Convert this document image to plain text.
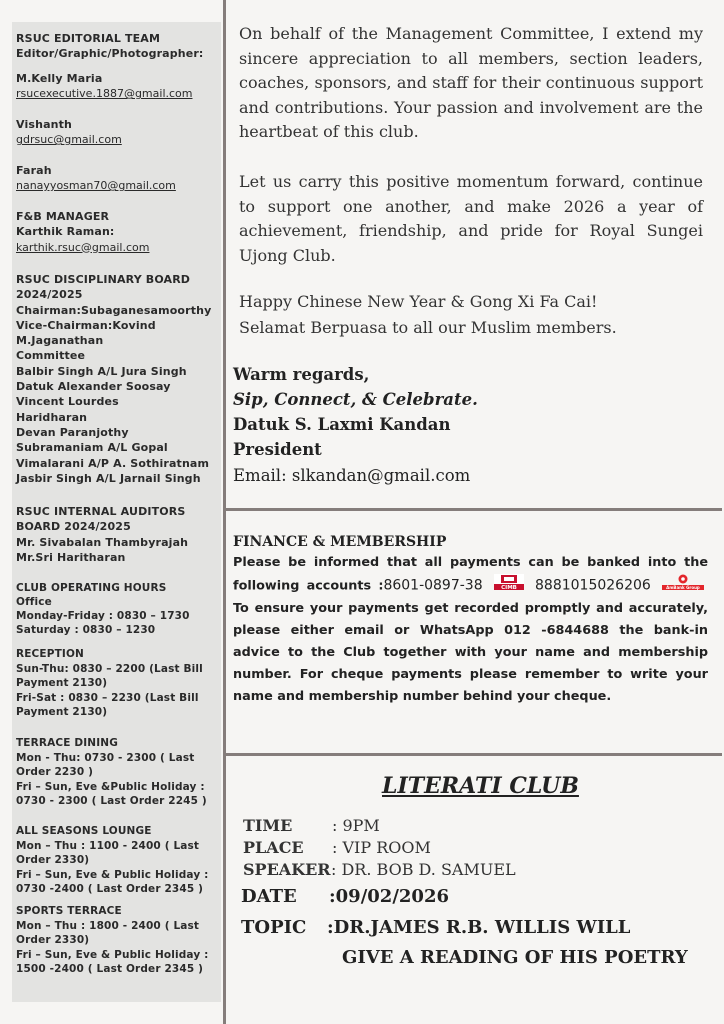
RSUC EDITORIAL TEAM
Editor/Graphic/Photographer:
M.Kelly Maria
rsucexecutive.1887@gmail.com
Vishanth
gdrsuc@gmail.com
Farah
nanayyosman70@gmail.com
F&B MANAGER
Karthik Raman:
karthik.rsuc@gmail.com
RSUC DISCIPLINARY BOARD
2024/2025
Chairman:Subaganesamoorthy
Vice-Chairman:Kovind
M.Jaganathan
Committee
Balbir Singh A/L Jura Singh
Datuk Alexander Soosay
Vincent Lourdes
Haridharan
Devan Paranjothy
Subramaniam A/L Gopal
Vimalarani A/P A. Sothiratnam
Jasbir Singh A/L Jarnail Singh
RSUC INTERNAL AUDITORS
BOARD 2024/2025
Mr. Sivabalan Thambyrajah
Mr.Sri Haritharan
CLUB OPERATING HOURS
Office
Monday-Friday : 0830 – 1730
Saturday : 0830 – 1230
RECEPTION
Sun-Thu: 0830 – 2200 (Last Bill Payment 2130)
Fri-Sat : 0830 – 2230 (Last Bill Payment 2130)
TERRACE DINING
Mon - Thu: 0730 - 2300 ( Last Order 2230 )
Fri – Sun, Eve &Public Holiday : 0730 - 2300 ( Last Order 2245 )
ALL SEASONS LOUNGE
Mon – Thu : 1100 - 2400 ( Last Order 2330)
Fri – Sun, Eve & Public Holiday : 0730 -2400 ( Last Order 2345 )
SPORTS TERRACE
Mon – Thu : 1800 - 2400 ( Last Order 2330)
Fri – Sun, Eve & Public Holiday : 1500 -2400 ( Last Order 2345 )
On behalf of the Management Committee, I extend my sincere appreciation to all members, section leaders, coaches, sponsors, and staff for their continuous support and contributions. Your passion and involvement are the heartbeat of this club.
Let us carry this positive momentum forward, continue to support one another, and make 2026 a year of achievement, friendship, and pride for Royal Sungei Ujong Club.
Happy Chinese New Year & Gong Xi Fa Cai!
Selamat Berpuasa to all our Muslim members.
Warm regards,
Sip, Connect, & Celebrate.
Datuk S. Laxmi Kandan
President
Email: slkandan@gmail.com
FINANCE & MEMBERSHIP
Please be informed that all payments can be banked into the following accounts :8601-0897-38	CIMB 8881015026206	AmBank Group
To ensure your payments get recorded promptly and accurately, please either email or WhatsApp 012 -6844688 the bank-in advice to the Club together with your name and membership number. For cheque payments please remember to write your name and membership number behind your cheque.
LITERATI CLUB
TIME : 9PM
PLACE : VIP ROOM
SPEAKER : DR. BOB D. SAMUEL
DATE :09/02/2026
TOPIC :DR.JAMES R.B. WILLIS WILL
GIVE A READING OF HIS POETRY
